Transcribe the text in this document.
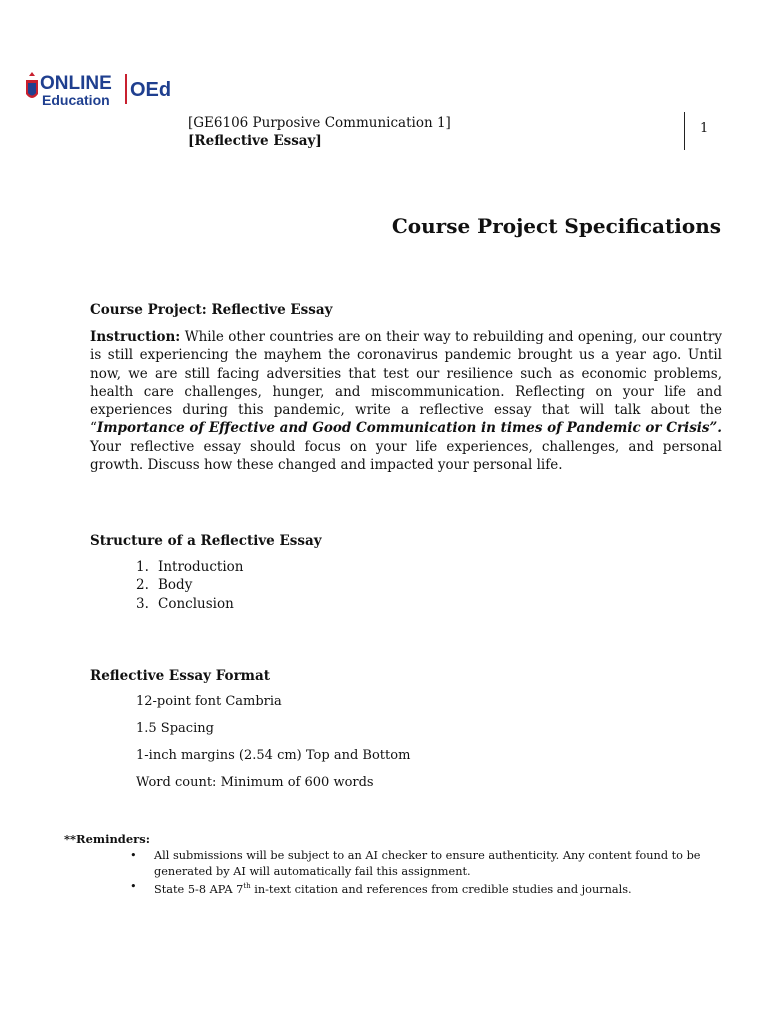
ONLINE
Education OEd
[GE6106 Purposive Communication 1]
[Reflective Essay]
1
Course Project Specifications
Course Project: Reflective Essay
Instruction: While other countries are on their way to rebuilding and opening, our country is still experiencing the mayhem the coronavirus pandemic brought us a year ago. Until now, we are still facing adversities that test our resilience such as economic problems, health care challenges, hunger, and miscommunication. Reflecting on your life and experiences during this pandemic, write a reflective essay that will talk about the “Importance of Effective and Good Communication in times of Pandemic or Crisis”. Your reflective essay should focus on your life experiences, challenges, and personal growth. Discuss how these changed and impacted your personal life.
Structure of a Reflective Essay
1. Introduction
2. Body
3. Conclusion
Reflective Essay Format
12-point font Cambria
1.5 Spacing
1-inch margins (2.54 cm) Top and Bottom
Word count: Minimum of 600 words
**Reminders:
• All submissions will be subject to an AI checker to ensure authenticity. Any content found to be generated by AI will automatically fail this assignment.
• State 5-8 APA 7th in-text citation and references from credible studies and journals.
